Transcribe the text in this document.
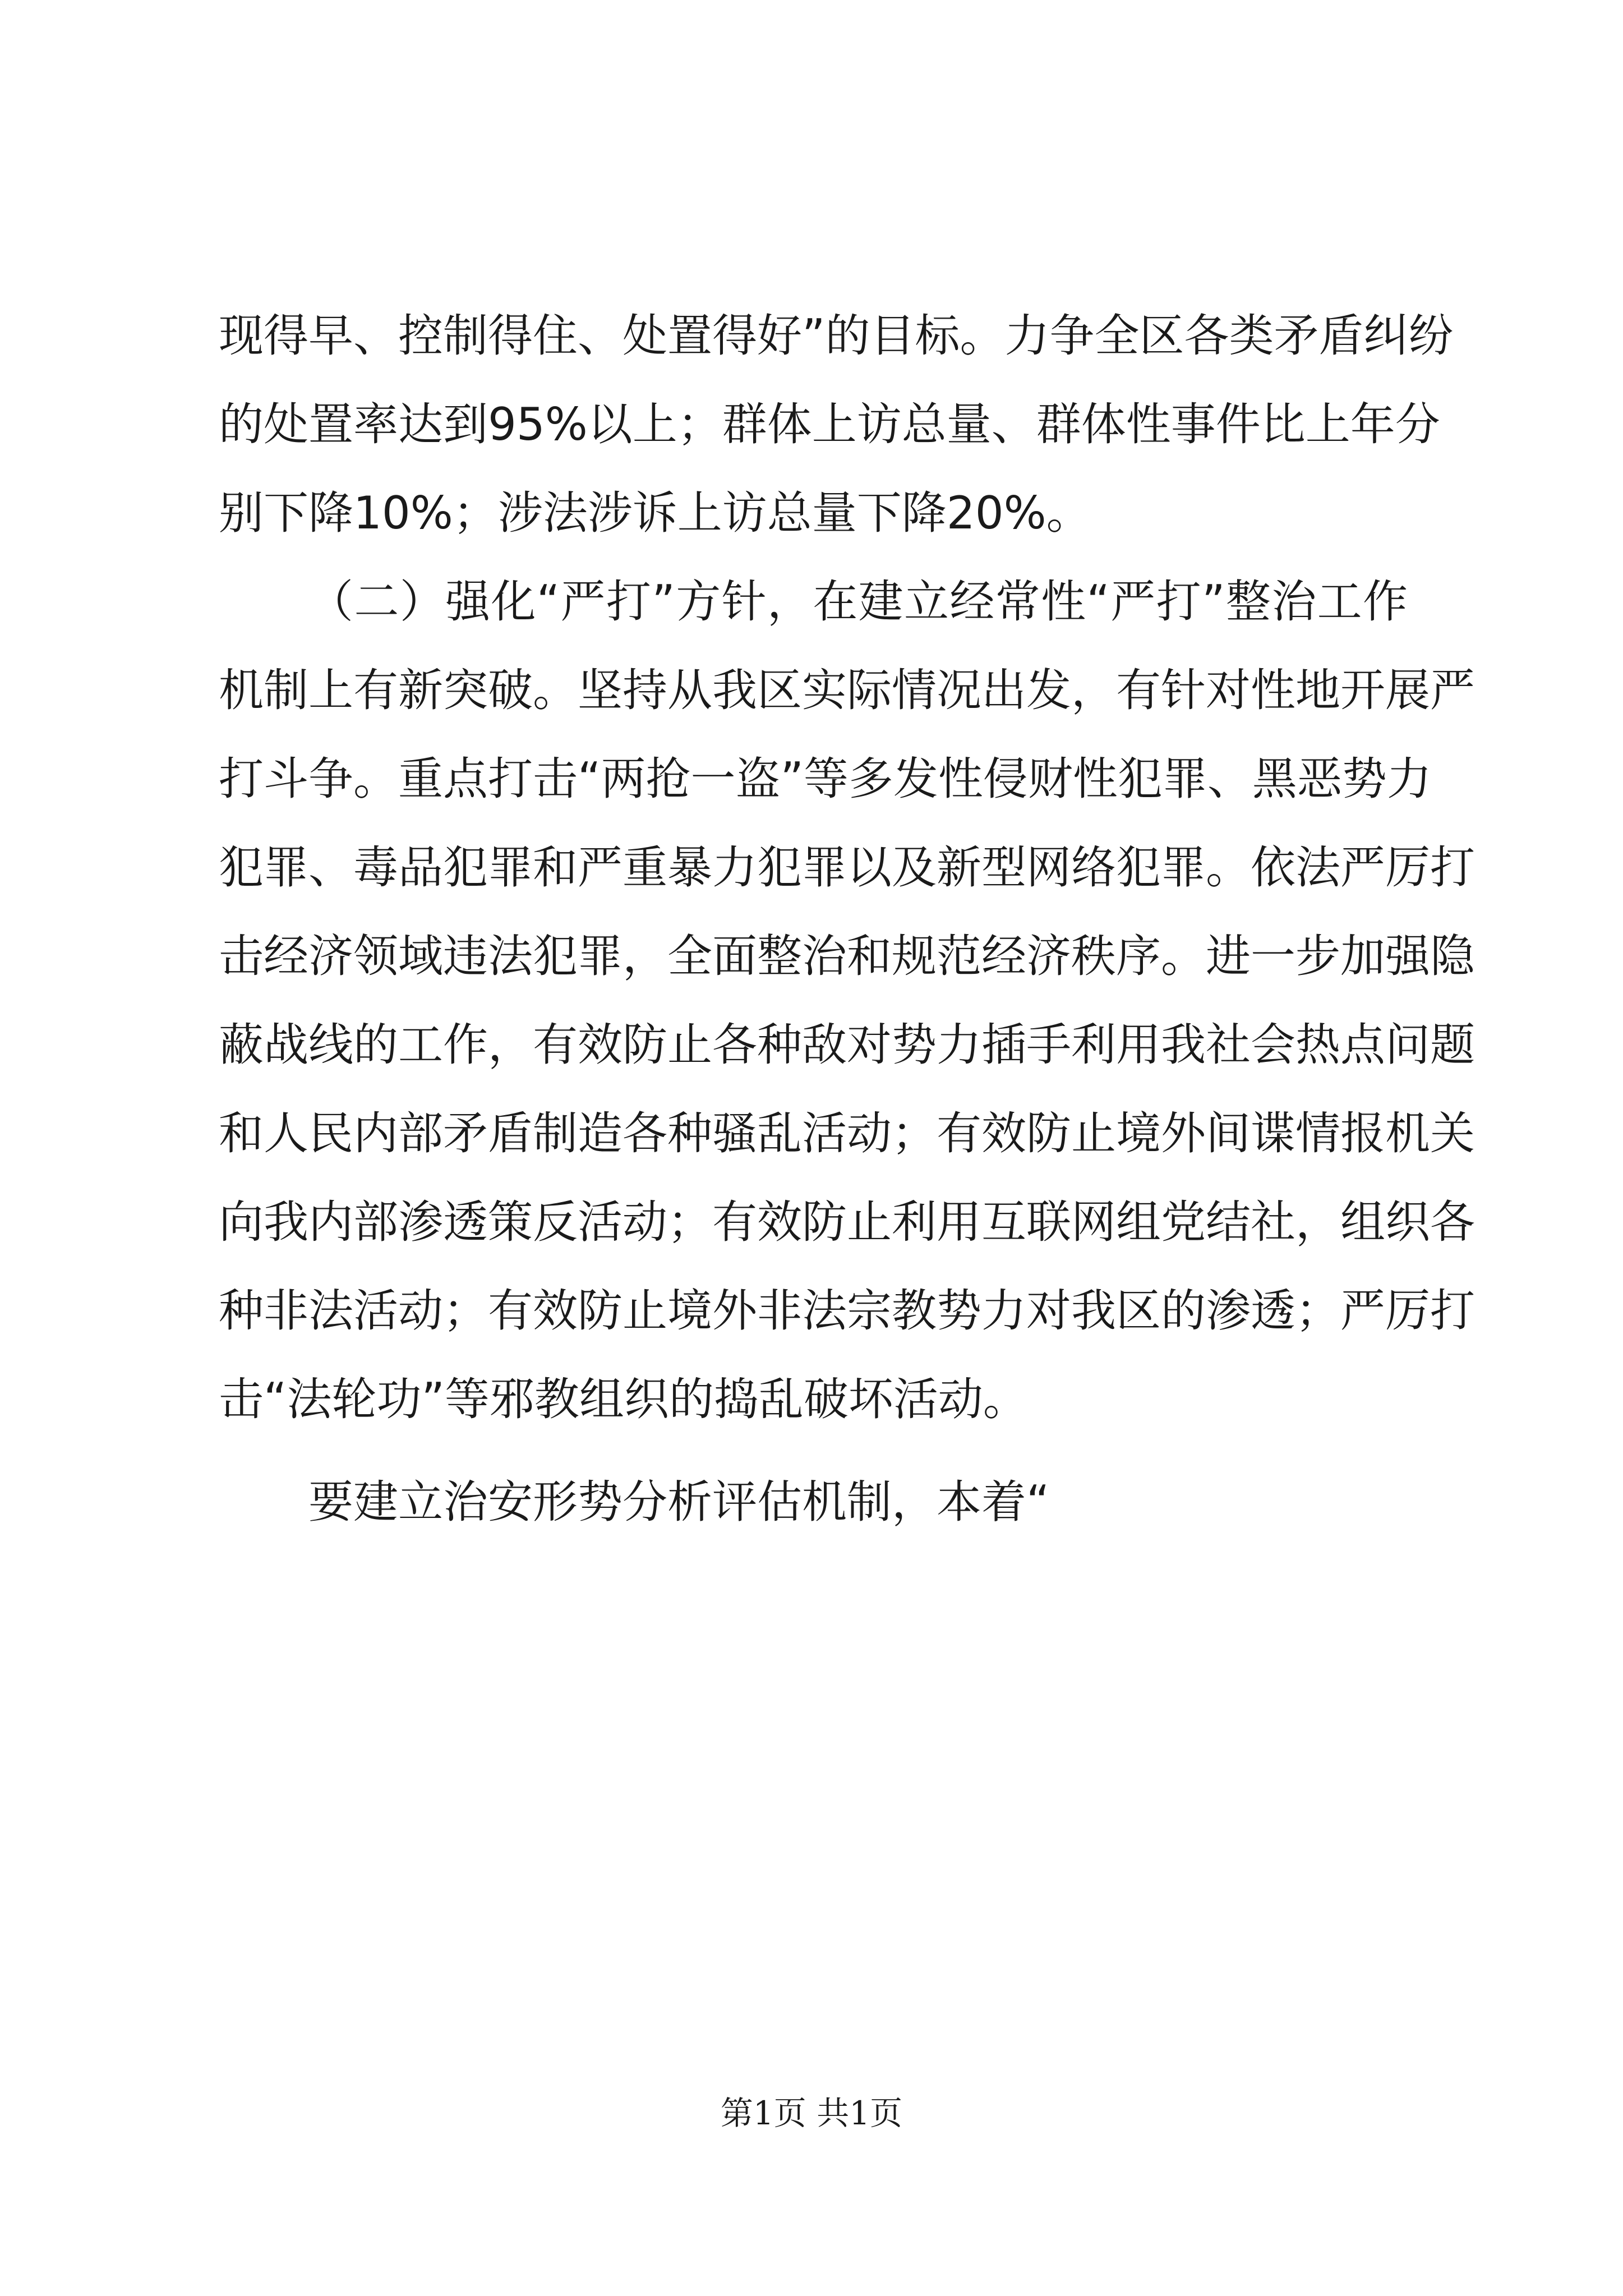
现得早、控制得住、处置得好”的目标。力争全区各类矛盾纠纷
的处置率达到95%以上；群体上访总量、群体性事件比上年分
别下降10%；涉法涉诉上访总量下降20%。
（二）强化“严打”方针，在建立经常性“严打”整治工作
机制上有新突破。坚持从我区实际情况出发，有针对性地开展严
打斗争。重点打击“两抢一盗”等多发性侵财性犯罪、黑恶势力
犯罪、毒品犯罪和严重暴力犯罪以及新型网络犯罪。依法严厉打
击经济领域违法犯罪，全面整治和规范经济秩序。进一步加强隐
蔽战线的工作，有效防止各种敌对势力插手利用我社会热点问题
和人民内部矛盾制造各种骚乱活动；有效防止境外间谍情报机关
向我内部渗透策反活动；有效防止利用互联网组党结社，组织各
种非法活动；有效防止境外非法宗教势力对我区的渗透；严厉打
击“法轮功”等邪教组织的捣乱破坏活动。
要建立治安形势分析评估机制，本着“
第1页 共1页
